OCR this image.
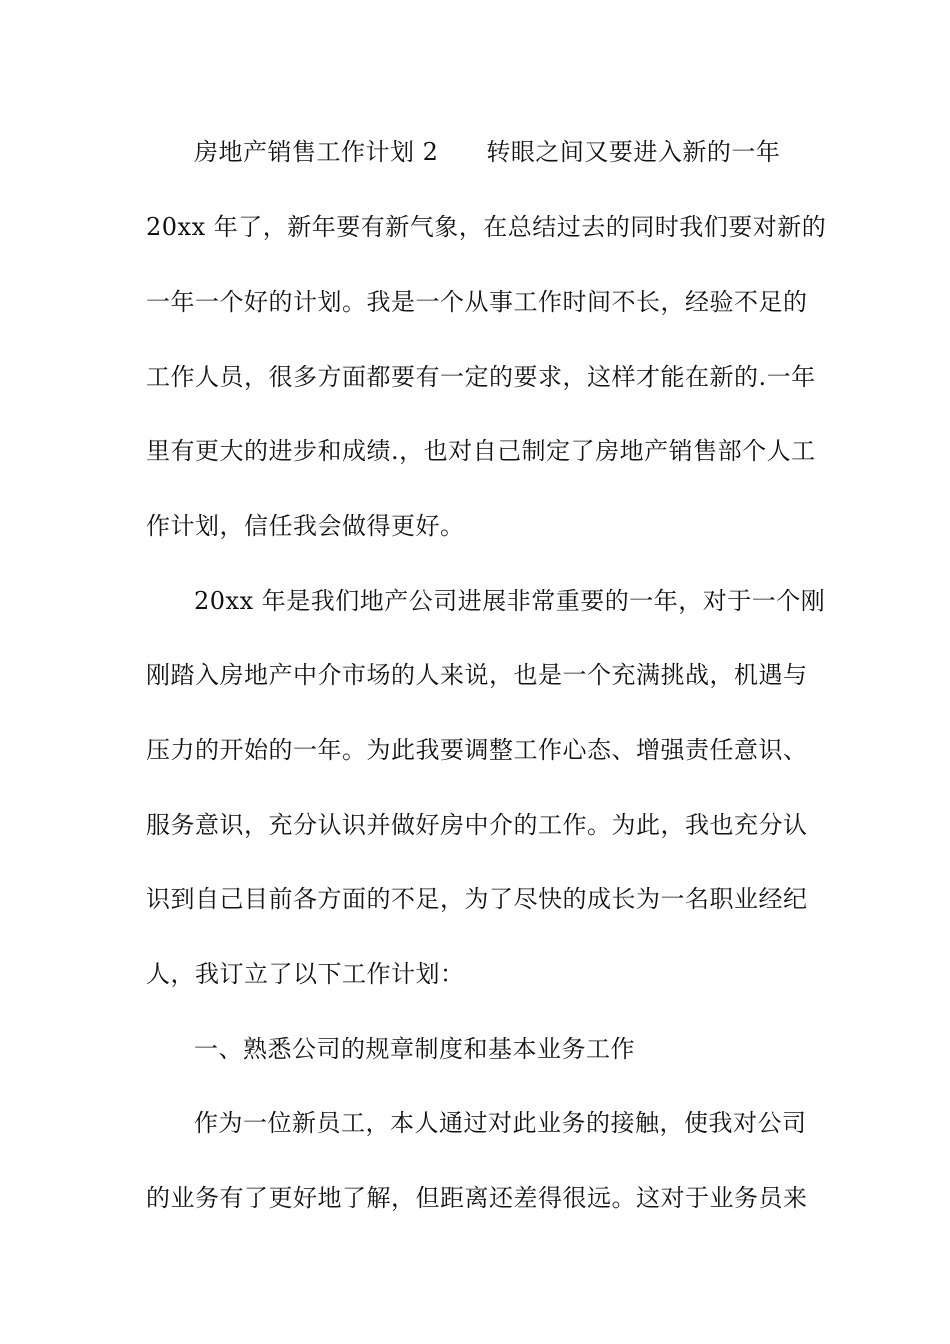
房地产销售工作计划 2 转眼之间又要进入新的一年
20xx 年了，新年要有新气象，在总结过去的同时我们要对新的
一年一个好的计划。我是一个从事工作时间不长，经验不足的
工作人员，很多方面都要有一定的要求，这样才能在新的.一年
里有更大的进步和成绩.，也对自己制定了房地产销售部个人工
作计划，信任我会做得更好。
20xx 年是我们地产公司进展非常重要的一年，对于一个刚
刚踏入房地产中介市场的人来说，也是一个充满挑战，机遇与
压力的开始的一年。为此我要调整工作心态、增强责任意识、
服务意识，充分认识并做好房中介的工作。为此，我也充分认
识到自己目前各方面的不足，为了尽快的成长为一名职业经纪
人，我订立了以下工作计划：
一、熟悉公司的规章制度和基本业务工作
作为一位新员工，本人通过对此业务的接触，使我对公司
的业务有了更好地了解，但距离还差得很远。这对于业务员来
